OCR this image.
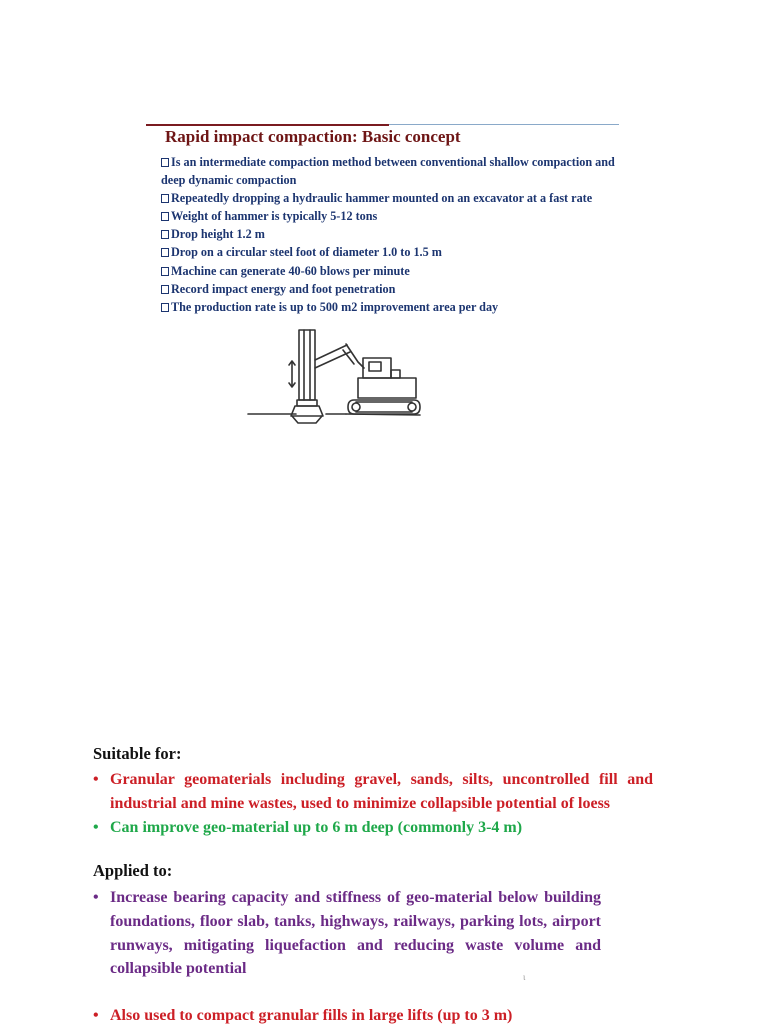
Rapid impact compaction: Basic concept
Is an intermediate compaction method between conventional shallow compaction and deep dynamic compaction
Repeatedly dropping a hydraulic hammer mounted on an excavator at a fast rate
Weight of hammer is typically 5-12 tons
Drop height 1.2 m
Drop on a circular steel foot of diameter 1.0 to 1.5 m
Machine can generate 40-60 blows per minute
Record impact energy and foot penetration
The production rate is up to 500 m2 improvement area per day
Suitable for:
• Granular geomaterials including gravel, sands, silts, uncontrolled fill and industrial and mine wastes, used to minimize collapsible potential of loess
• Can improve geo-material up to 6 m deep (commonly 3-4 m)
Applied to:
• Increase bearing capacity and stiffness of geo-material below building foundations, floor slab, tanks, highways, railways, parking lots, airport runways, mitigating liquefaction and reducing waste volume and collapsible potential
• Also used to compact granular fills in large lifts (up to 3 m)
ι
